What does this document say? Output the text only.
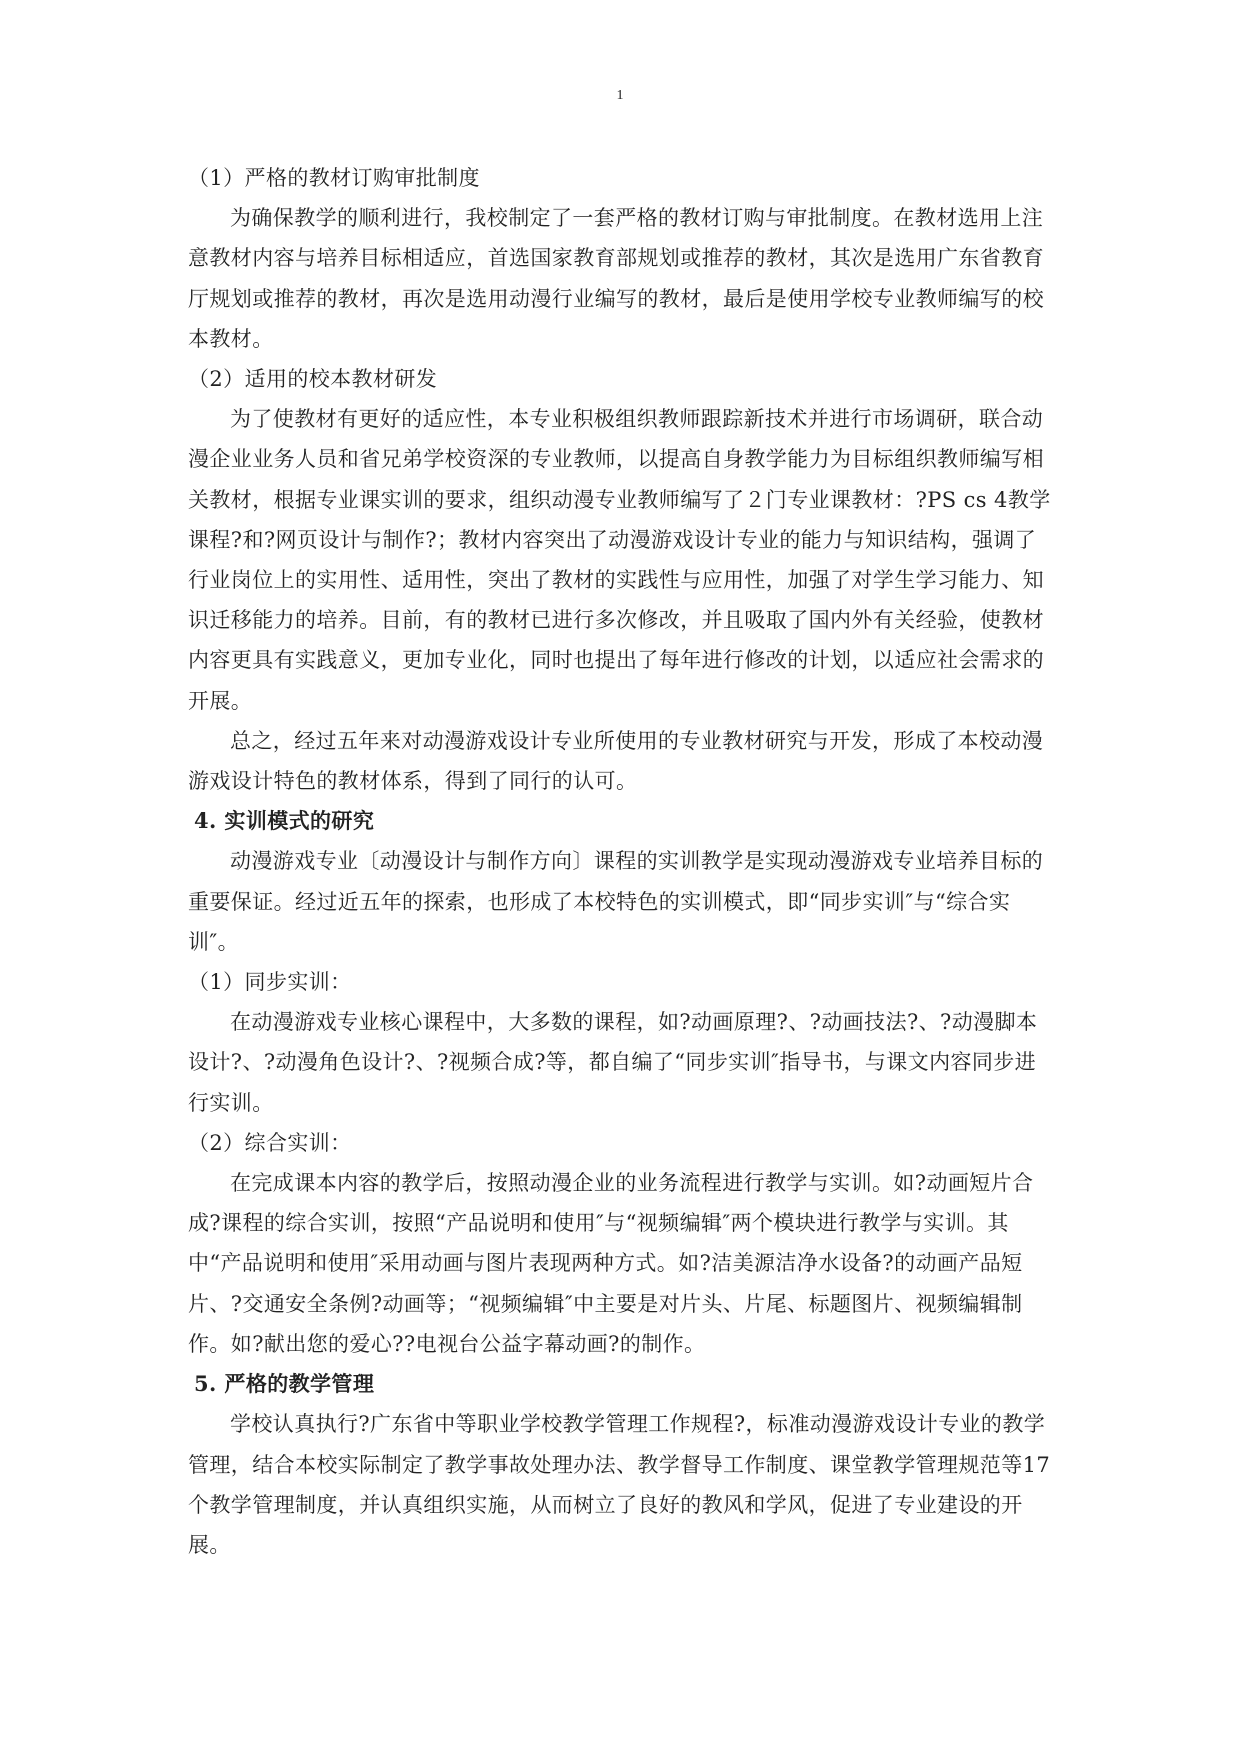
1

（1）严格的教材订购审批制度

为确保教学的顺利进行，我校制定了一套严格的教材订购与审批制度。在教材选用上注意教材内容与培养目标相适应，首选国家教育部规划或推荐的教材，其次是选用广东省教育厅规划或推荐的教材，再次是选用动漫行业编写的教材，最后是使用学校专业教师编写的校本教材。

（2）适用的校本教材研发

为了使教材有更好的适应性，本专业积极组织教师跟踪新技术并进行市场调研，联合动漫企业业务人员和省兄弟学校资深的专业教师，以提高自身教学能力为目标组织教师编写相关教材，根据专业课实训的要求，组织动漫专业教师编写了２门专业课教材：?PS cs 4教学课程?和?网页设计与制作?；教材内容突出了动漫游戏设计专业的能力与知识结构，强调了行业岗位上的实用性、适用性，突出了教材的实践性与应用性，加强了对学生学习能力、知识迁移能力的培养。目前，有的教材已进行多次修改，并且吸取了国内外有关经验，使教材内容更具有实践意义，更加专业化，同时也提出了每年进行修改的计划，以适应社会需求的开展。

总之，经过五年来对动漫游戏设计专业所使用的专业教材研究与开发，形成了本校动漫游戏设计特色的教材体系，得到了同行的认可。

4. 实训模式的研究

动漫游戏专业〔动漫设计与制作方向〕课程的实训教学是实现动漫游戏专业培养目标的重要保证。经过近五年的探索，也形成了本校特色的实训模式，即“同步实训″与“综合实训″。

（1）同步实训：

在动漫游戏专业核心课程中，大多数的课程，如?动画原理?、?动画技法?、?动漫脚本设计?、?动漫角色设计?、?视频合成?等，都自编了“同步实训″指导书，与课文内容同步进行实训。

（2）综合实训：

在完成课本内容的教学后，按照动漫企业的业务流程进行教学与实训。如?动画短片合成?课程的综合实训，按照“产品说明和使用″与“视频编辑″两个模块进行教学与实训。其中“产品说明和使用″采用动画与图片表现两种方式。如?洁美源洁净水设备?的动画产品短片、?交通安全条例?动画等；“视频编辑″中主要是对片头、片尾、标题图片、视频编辑制作。如?献出您的爱心??电视台公益字幕动画?的制作。

5. 严格的教学管理

学校认真执行?广东省中等职业学校教学管理工作规程?，标准动漫游戏设计专业的教学管理，结合本校实际制定了教学事故处理办法、教学督导工作制度、课堂教学管理规范等17个教学管理制度，并认真组织实施，从而树立了良好的教风和学风，促进了专业建设的开展。
